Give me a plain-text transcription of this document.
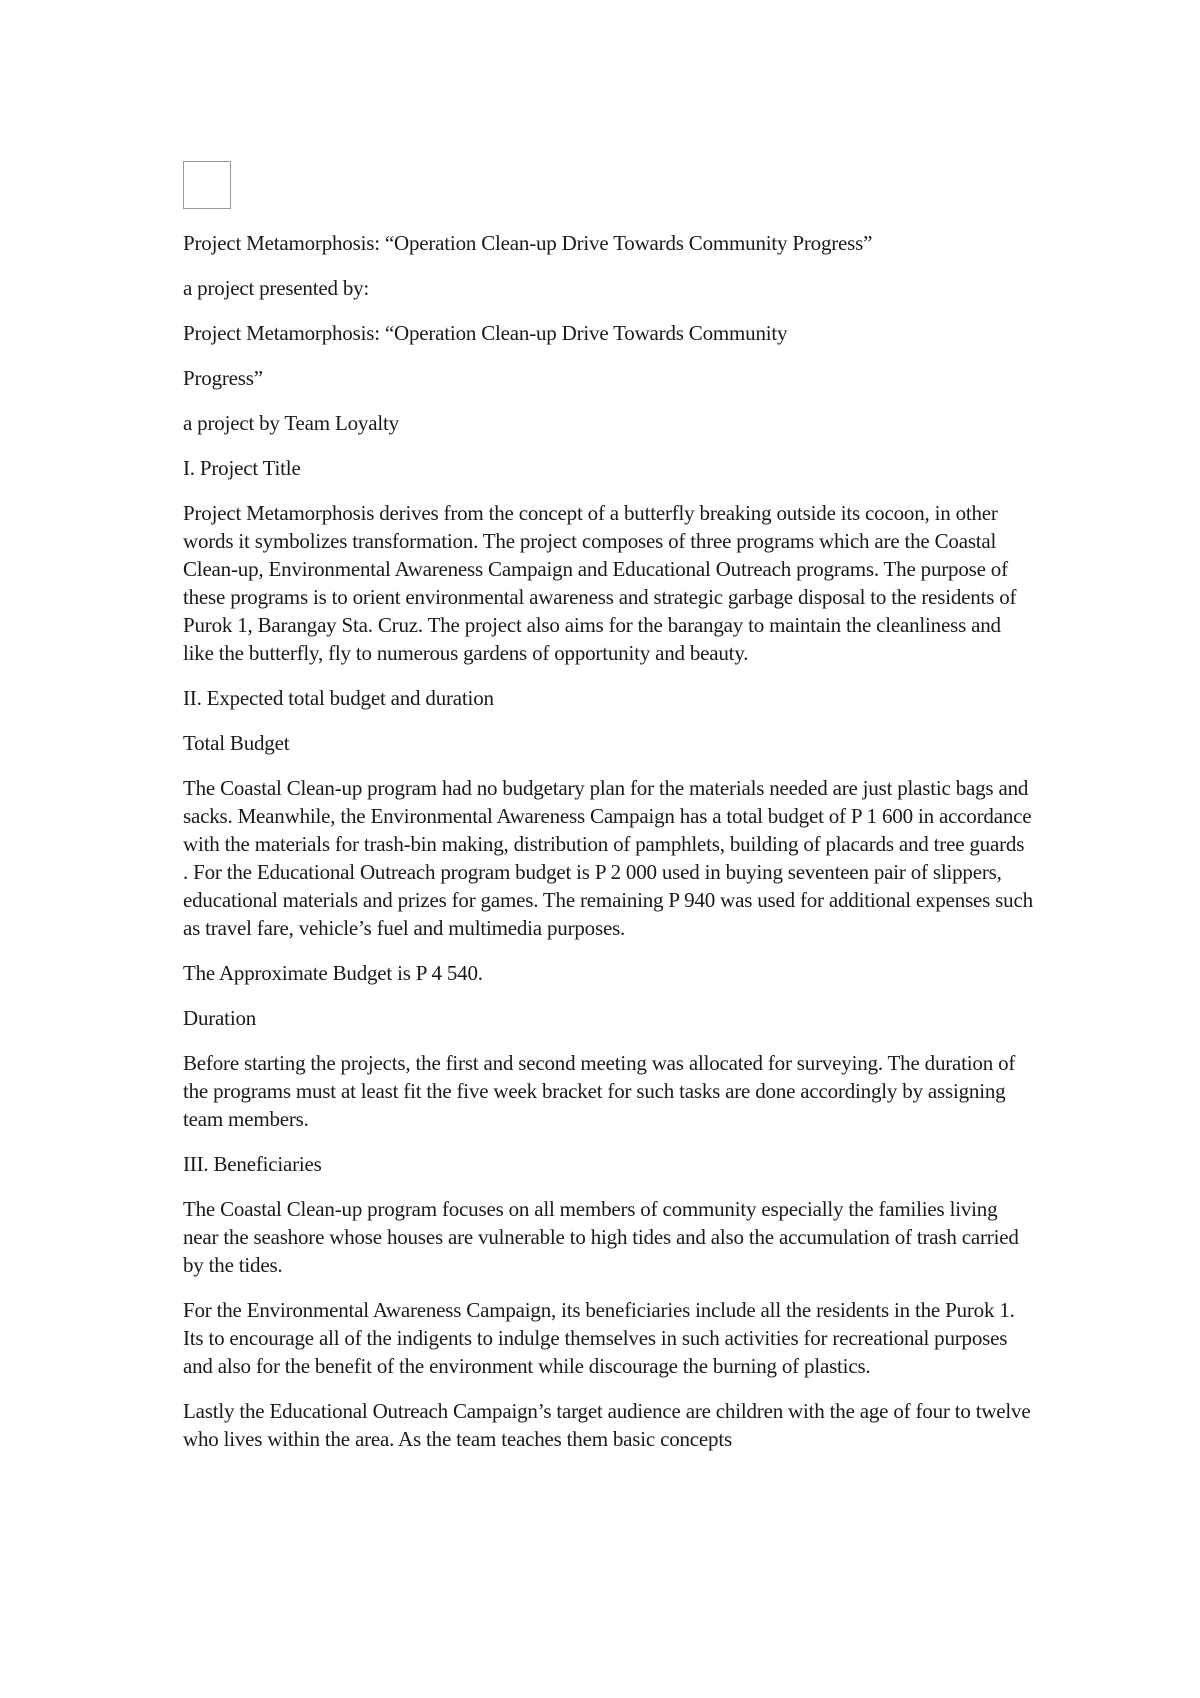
Project Metamorphosis: “Operation Clean-up Drive Towards Community Progress”

a project presented by:

Project Metamorphosis: “Operation Clean-up Drive Towards Community

Progress”

a project by Team Loyalty

I. Project Title

Project Metamorphosis derives from the concept of a butterfly breaking outside its cocoon, in other words it symbolizes transformation. The project composes of three programs which are the Coastal Clean-up, Environmental Awareness Campaign and Educational Outreach programs. The purpose of these programs is to orient environmental awareness and strategic garbage disposal to the residents of Purok 1, Barangay Sta. Cruz. The project also aims for the barangay to maintain the cleanliness and like the butterfly, fly to numerous gardens of opportunity and beauty.

II. Expected total budget and duration

Total Budget

The Coastal Clean-up program had no budgetary plan for the materials needed are just plastic bags and sacks. Meanwhile, the Environmental Awareness Campaign has a total budget of P 1 600 in accordance with the materials for trash-bin making, distribution of pamphlets, building of placards and tree guards . For the Educational Outreach program budget is P 2 000 used in buying seventeen pair of slippers, educational materials and prizes for games. The remaining P 940 was used for additional expenses such as travel fare, vehicle’s fuel and multimedia purposes.

The Approximate Budget is P 4 540.

Duration

Before starting the projects, the first and second meeting was allocated for surveying. The duration of the programs must at least fit the five week bracket for such tasks are done accordingly by assigning team members.

III. Beneficiaries

The Coastal Clean-up program focuses on all members of community especially the families living near the seashore whose houses are vulnerable to high tides and also the accumulation of trash carried by the tides.

For the Environmental Awareness Campaign, its beneficiaries include all the residents in the Purok 1. Its to encourage all of the indigents to indulge themselves in such activities for recreational purposes and also for the benefit of the environment while discourage the burning of plastics.

Lastly the Educational Outreach Campaign’s target audience are children with the age of four to twelve who lives within the area. As the team teaches them basic concepts
